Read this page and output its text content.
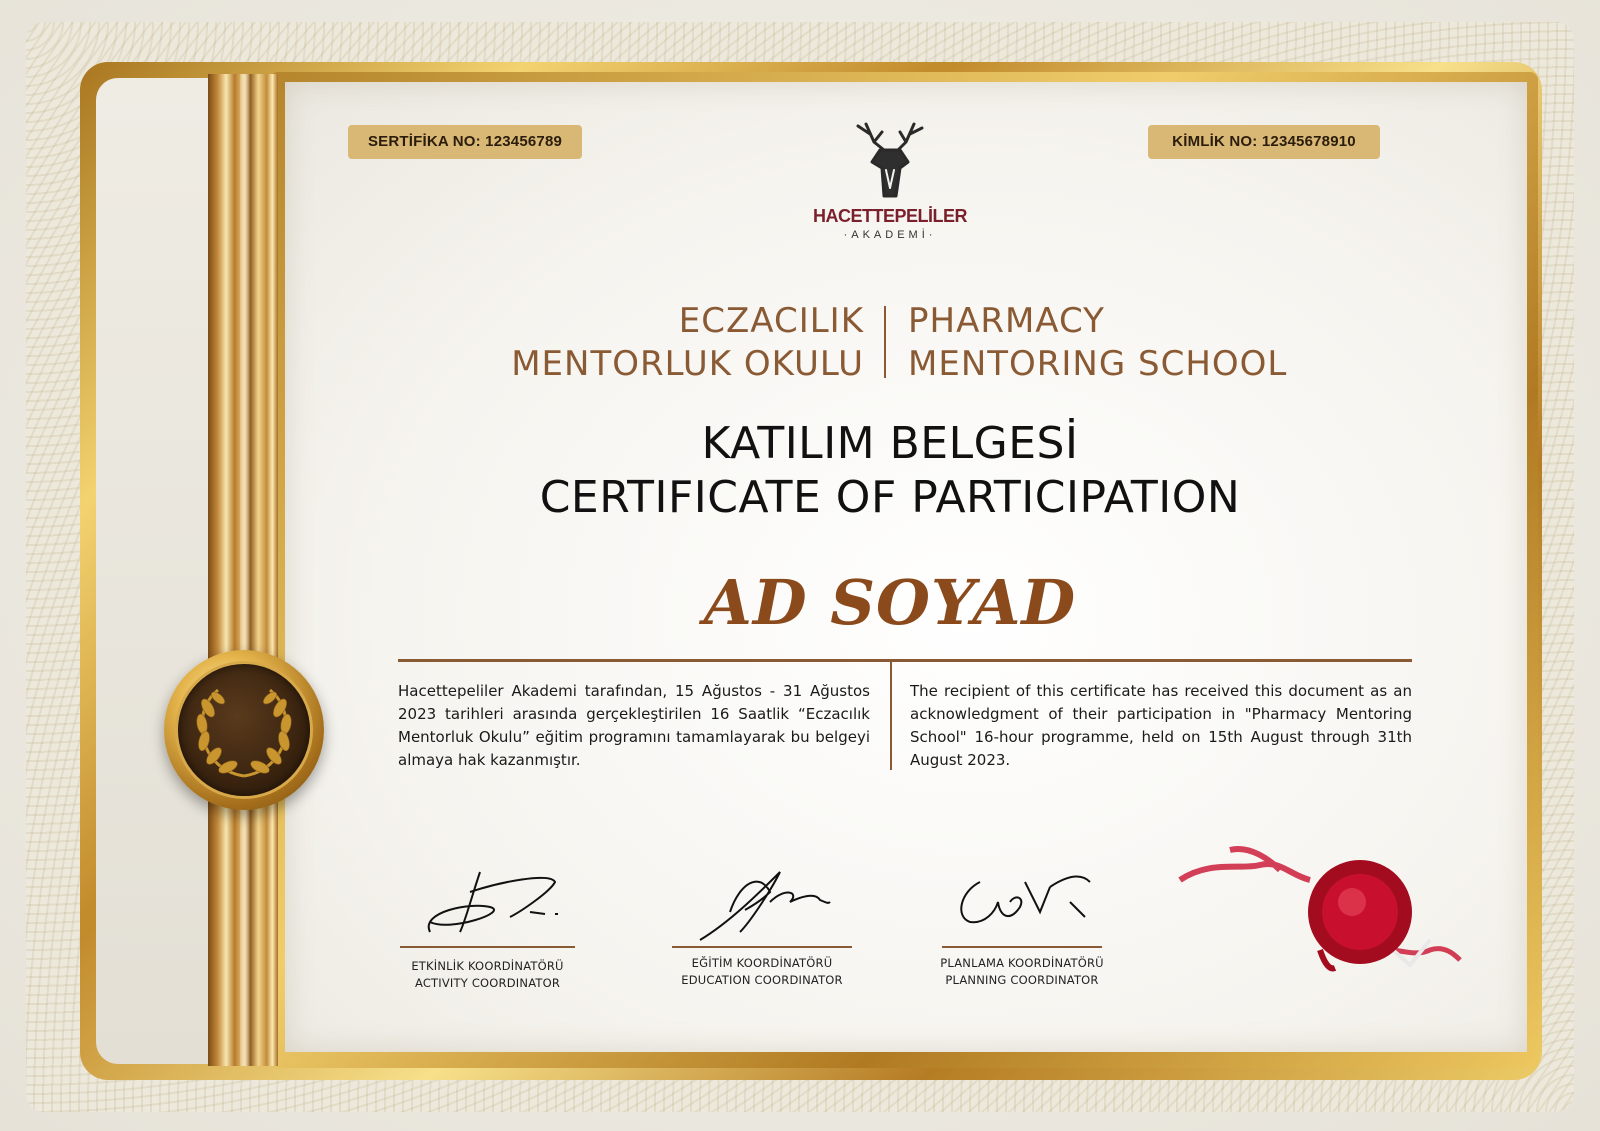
SERTİFİKA NO: 123456789	KİMLİK NO: 12345678910
HACETTEPELİLER
·AKADEMİ·
ECZACILIK
MENTORLUK OKULU
PHARMACY
MENTORING SCHOOL
KATILIM BELGESİ
CERTIFICATE OF PARTICIPATION
AD SOYAD
Hacettepeliler Akademi tarafından, 15 Ağustos - 31 Ağustos 2023 tarihleri arasında gerçekleştirilen 16 Saatlik “Eczacılık Mentorluk Okulu” eğitim programını tamamlayarak bu belgeyi almaya hak kazanmıştır.
The recipient of this certificate has received this document as an acknowledgment of their participation in "Pharmacy Mentoring School" 16-hour programme, held on 15th August through 31th August 2023.
ETKİNLİK KOORDİNATÖRÜ
ACTIVITY COORDINATOR
EĞİTİM KOORDİNATÖRÜ
EDUCATION COORDINATOR
PLANLAMA KOORDİNATÖRÜ
PLANNING COORDINATOR
